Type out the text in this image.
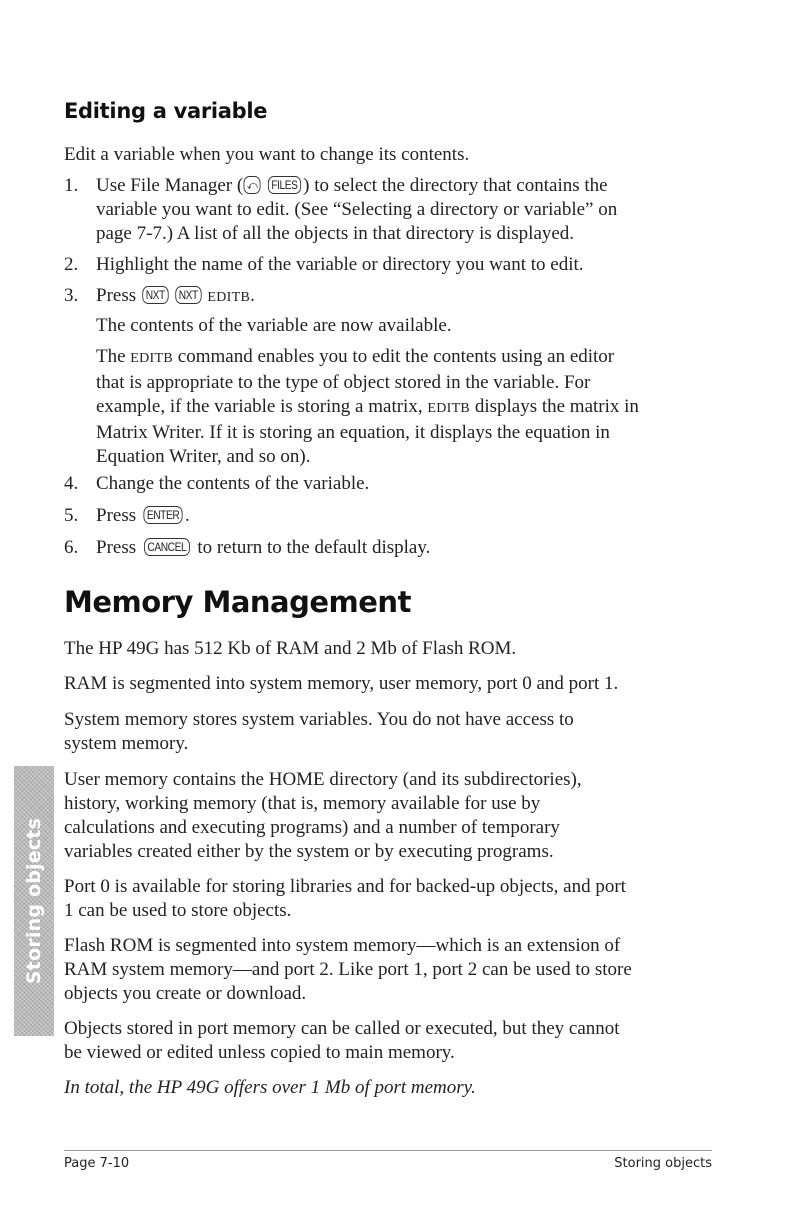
Editing a variable
Edit a variable when you want to change its contents.
1. Use File Manager ( ⤺ FILES ) to select the directory that contains the
variable you want to edit. (See “Selecting a directory or variable” on
page 7-7.) A list of all the objects in that directory is displayed.
2. Highlight the name of the variable or directory you want to edit.
3. Press NXT NXT EDITB.
The contents of the variable are now available.
The EDITB command enables you to edit the contents using an editor
that is appropriate to the type of object stored in the variable. For
example, if the variable is storing a matrix, EDITB displays the matrix in
Matrix Writer. If it is storing an equation, it displays the equation in
Equation Writer, and so on).
4. Change the contents of the variable.
5. Press ENTER .
6. Press CANCEL to return to the default display.
Memory Management
The HP 49G has 512 Kb of RAM and 2 Mb of Flash ROM.
RAM is segmented into system memory, user memory, port 0 and port 1.
System memory stores system variables. You do not have access to
system memory.
User memory contains the HOME directory (and its subdirectories),
history, working memory (that is, memory available for use by
calculations and executing programs) and a number of temporary
variables created either by the system or by executing programs.
Port 0 is available for storing libraries and for backed-up objects, and port
1 can be used to store objects.
Flash ROM is segmented into system memory—which is an extension of
RAM system memory—and port 2. Like port 1, port 2 can be used to store
objects you create or download.
Objects stored in port memory can be called or executed, but they cannot
be viewed or edited unless copied to main memory.
In total, the HP 49G offers over 1 Mb of port memory.
Storing objects
Page 7-10	Storing objects
